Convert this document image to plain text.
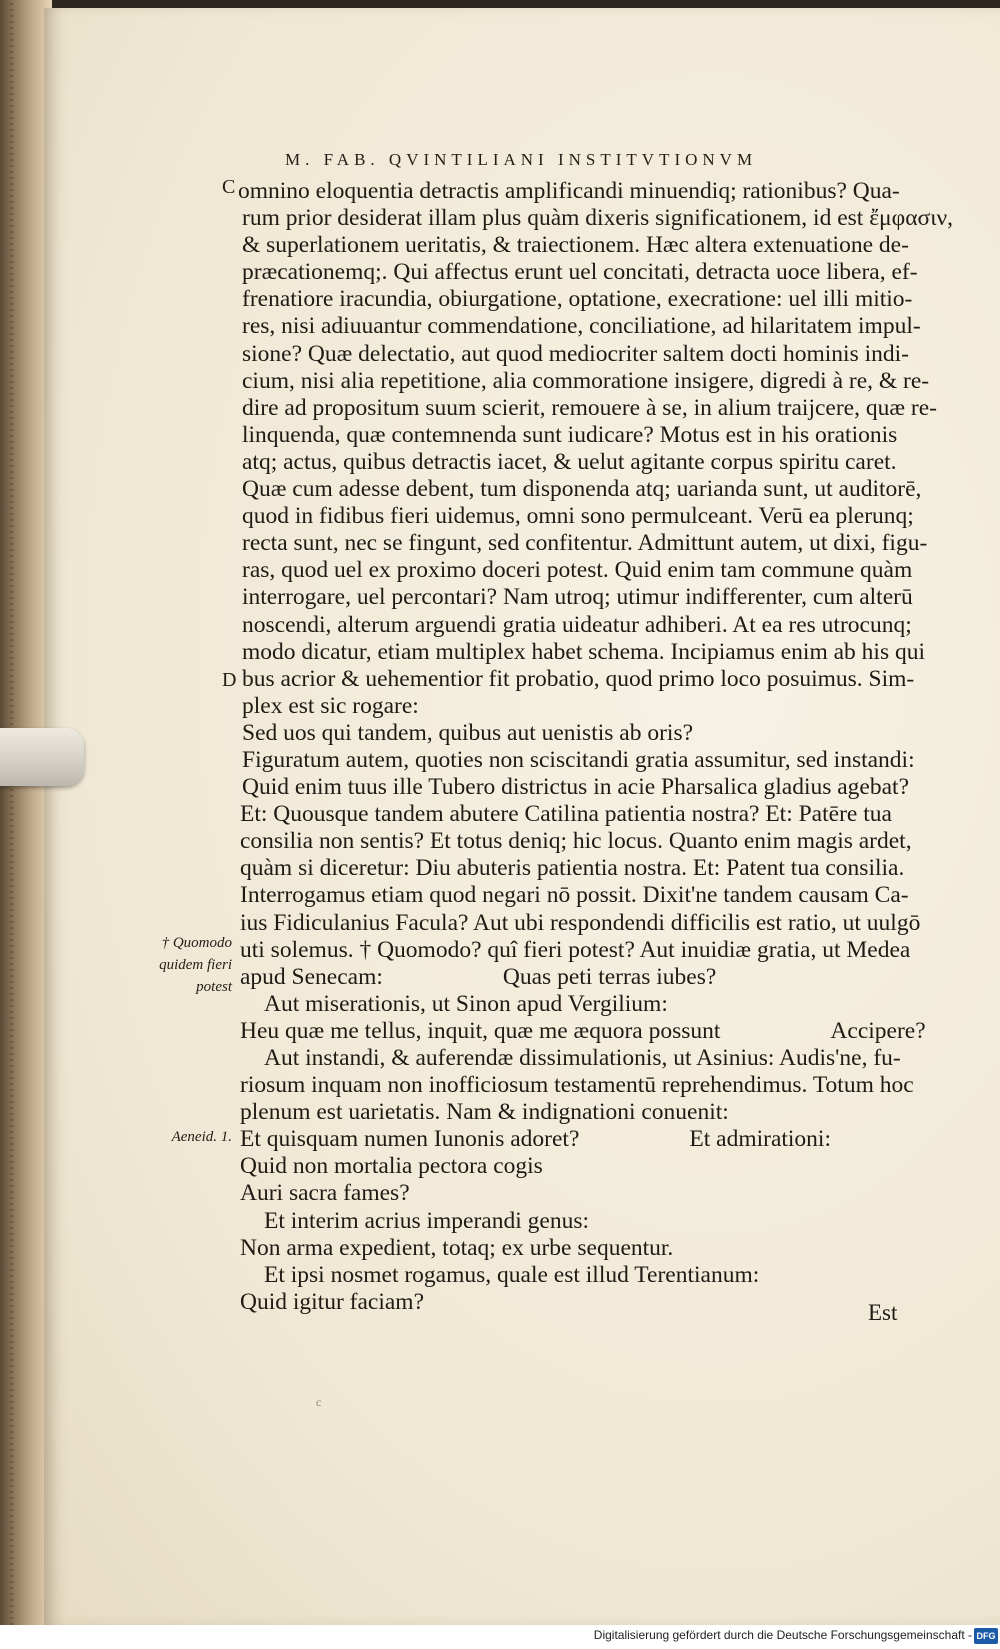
M. FAB. QVINTILIANI INSTITVTIONVM
C
D
omnino eloquentia detractis amplificandi minuendiq; rationibus? Qua-
rum prior desiderat illam plus quàm dixeris significationem, id est ἔμφασιν,
& superlationem ueritatis, & traiectionem. Hæc altera extenuatione de-
præcationemq;. Qui affectus erunt uel concitati, detracta uoce libera, ef-
frenatiore iracundia, obiurgatione, optatione, execratione: uel illi mitio-
res, nisi adiuuantur commendatione, conciliatione, ad hilaritatem impul-
sione? Quæ delectatio, aut quod mediocriter saltem docti hominis indi-
cium, nisi alia repetitione, alia commoratione insigere, digredi à re, & re-
dire ad propositum suum scierit, remouere à se, in alium traijcere, quæ re-
linquenda, quæ contemnenda sunt iudicare? Motus est in his orationis
atq; actus, quibus detractis iacet, & uelut agitante corpus spiritu caret.
Quæ cum adesse debent, tum disponenda atq; uarianda sunt, ut auditorē,
quod in fidibus fieri uidemus, omni sono permulceant. Verū ea plerunq;
recta sunt, nec se fingunt, sed confitentur. Admittunt autem, ut dixi, figu-
ras, quod uel ex proximo doceri potest. Quid enim tam commune quàm
interrogare, uel percontari? Nam utroq; utimur indifferenter, cum alterū
noscendi, alterum arguendi gratia uideatur adhiberi. At ea res utrocunq;
modo dicatur, etiam multiplex habet schema. Incipiamus enim ab his qui
bus acrior & uehementior fit probatio, quod primo loco posuimus. Sim-
plex est sic rogare:
Sed uos qui tandem, quibus aut uenistis ab oris?
Figuratum autem, quoties non sciscitandi gratia assumitur, sed instandi:
Quid enim tuus ille Tubero districtus in acie Pharsalica gladius agebat?
Et: Quousque tandem abutere Catilina patientia nostra? Et: Patēre tua
consilia non sentis? Et totus deniq; hic locus. Quanto enim magis ardet,
quàm si diceretur: Diu abuteris patientia nostra. Et: Patent tua consilia.
Interrogamus etiam quod negari nō possit. Dixit'ne tandem causam Ca-
ius Fidiculanius Facula? Aut ubi respondendi difficilis est ratio, ut uulgō
uti solemus. † Quomodo? quî fieri potest? Aut inuidiæ gratia, ut Medea
apud Senecam:	Quas peti terras iubes?
Aut miserationis, ut Sinon apud Vergilium:
Heu quæ me tellus, inquit, quæ me æquora possunt	Accipere?
Aut instandi, & auferendæ dissimulationis, ut Asinius: Audis'ne, fu-
riosum inquam non inofficiosum testamentū reprehendimus. Totum hoc
plenum est uarietatis. Nam & indignationi conuenit:
Et quisquam numen Iunonis adoret?	Et admirationi:
Quid non mortalia pectora cogis
Auri sacra fames?
Et interim acrius imperandi genus:
Non arma expedient, totaq; ex urbe sequentur.
Et ipsi nosmet rogamus, quale est illud Terentianum:
Quid igitur faciam?
† Quomodo
quidem fieri
potest
Aeneid. 1.
Est
c
Digitalisierung gefördert durch die Deutsche Forschungsgemeinschaft - DFG
